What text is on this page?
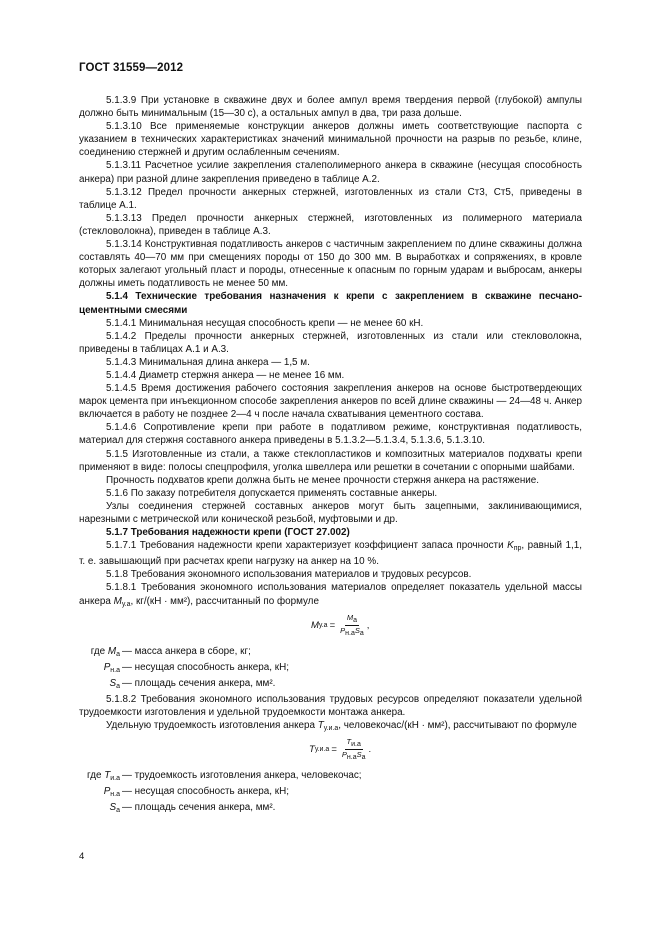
ГОСТ 31559—2012

5.1.3.9 При установке в скважине двух и более ампул время твердения первой (глубокой) ампулы должно быть минимальным (15—30 с), а остальных ампул в два, три раза дольше.

5.1.3.10 Все применяемые конструкции анкеров должны иметь соответствующие паспорта с указанием в технических характеристиках значений минимальной прочности на разрыв по резьбе, клине, соединению стержней и другим ослабленным сечениям.

5.1.3.11 Расчетное усилие закрепления сталеполимерного анкера в скважине (несущая способность анкера) при разной длине закрепления приведено в таблице А.2.

5.1.3.12 Предел прочности анкерных стержней, изготовленных из стали Ст3, Ст5, приведены в таблице А.1.

5.1.3.13 Предел прочности анкерных стержней, изготовленных из полимерного материала (стекловолокна), приведен в таблице А.3.

5.1.3.14 Конструктивная податливость анкеров с частичным закреплением по длине скважины должна составлять 40—70 мм при смещениях породы от 150 до 300 мм. В выработках и сопряжениях, в кровле которых залегают угольный пласт и породы, отнесенные к опасным по горным ударам и выбросам, анкеры должны иметь податливость не менее 50 мм.

5.1.4 Технические требования назначения к крепи с закреплением в скважине песчано-цементными смесями

5.1.4.1 Минимальная несущая способность крепи — не менее 60 кН.

5.1.4.2 Пределы прочности анкерных стержней, изготовленных из стали или стекловолокна, приведены в таблицах А.1 и А.3.

5.1.4.3 Минимальная длина анкера — 1,5 м.

5.1.4.4 Диаметр стержня анкера — не менее 16 мм.

5.1.4.5 Время достижения рабочего состояния закрепления анкеров на основе быстротвердеющих марок цемента при инъекционном способе закрепления анкеров по всей длине скважины — 24—48 ч. Анкер включается в работу не позднее 2—4 ч после начала схватывания цементного состава.

5.1.4.6 Сопротивление крепи при работе в податливом режиме, конструктивная податливость, материал для стержня составного анкера приведены в 5.1.3.2—5.1.3.4, 5.1.3.6, 5.1.3.10.

5.1.5 Изготовленные из стали, а также стеклопластиков и композитных материалов подхваты крепи применяют в виде: полосы спецпрофиля, уголка швеллера или решетки в сочетании с опорными шайбами.

Прочность подхватов крепи должна быть не менее прочности стержня анкера на растяжение.

5.1.6 По заказу потребителя допускается применять составные анкеры.

Узлы соединения стержней составных анкеров могут быть зацепными, заклинивающимися, нарезными с метрической или конической резьбой, муфтовыми и др.

5.1.7 Требования надежности крепи (ГОСТ 27.002)

5.1.7.1 Требования надежности крепи характеризует коэффициент запаса прочности $K_{пр}$, равный 1,1, т. е. завышающий при расчетах крепи нагрузку на анкер на 10 %.

5.1.8 Требования экономного использования материалов и трудовых ресурсов.

5.1.8.1 Требования экономного использования материалов определяет показатель удельной массы анкера $M_{у.а}$, кг/(кН · мм²), рассчитанный по формуле

M $у.а = \frac{Mа}{\text{Pн.аSа}}$ ,
где $M_а$ — масса анкера в сборе, кг;
$P_{н.а}$ — несущая способность анкера, кН;
$S_а$ — площадь сечения анкера, мм².

5.1.8.2 Требования экономного использования трудовых ресурсов определяют показатели удельной трудоемкости изготовления и удельной трудоемкости монтажа анкера.

Удельную трудоемкость изготовления анкера $T_{у.и.а}$, человекочас/(кН · мм²), рассчитывают по формуле

T $у.и.а = \frac{Tи.а}{\text{Pн.аSа}}$ .
где $T_{и.а}$ — трудоемкость изготовления анкера, человекочас;
$P_{н.а}$ — несущая способность анкера, кН;
$S_а$ — площадь сечения анкера, мм².
4
